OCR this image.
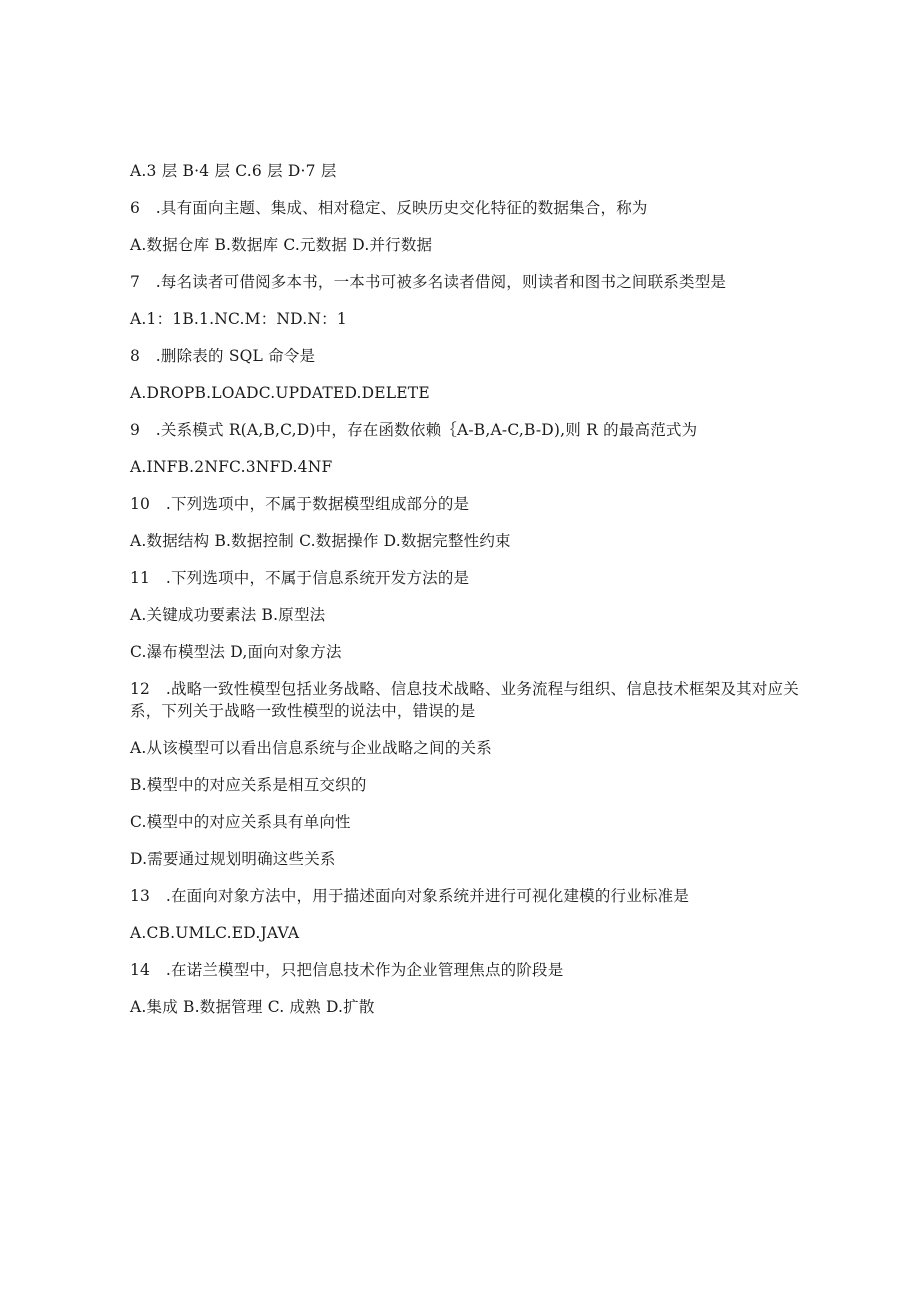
A.3 层 B·4 层 C.6 层 D·7 层

6　.具有面向主题、集成、相对稳定、反映历史交化特征的数据集合，称为

A.数据仓库 B.数据库 C.元数据 D.并行数据

7　.每名读者可借阅多本书，一本书可被多名读者借阅，则读者和图书之间联系类型是

A.1：1B.1.NC.M：ND.N：1

8　.删除表的 SQL 命令是

A.DROPB.LOADC.UPDATED.DELETE

9　.关系模式 R(A,B,C,D)中，存在函数依赖｛A-B,A-C,B-D),则 R 的最高范式为

A.INFB.2NFC.3NFD.4NF

10　.下列选项中，不属于数据模型组成部分的是

A.数据结构 B.数据控制 C.数据操作 D.数据完整性约束

11　.下列选项中，不属于信息系统开发方法的是

A.关键成功要素法 B.原型法

C.瀑布模型法 D,面向对象方法

12　.战略一致性模型包括业务战略、信息技术战略、业务流程与组织、信息技术框架及其对应关系，下列关于战略一致性模型的说法中，错误的是

A.从该模型可以看出信息系统与企业战略之间的关系

B.模型中的对应关系是相互交织的

C.模型中的对应关系具有单向性

D.需要通过规划明确这些关系

13　.在面向对象方法中，用于描述面向对象系统并进行可视化建模的行业标准是

A.CB.UMLC.ED.JAVA

14　.在诺兰模型中，只把信息技术作为企业管理焦点的阶段是

A.集成 B.数据管理 C. 成熟 D.扩散
